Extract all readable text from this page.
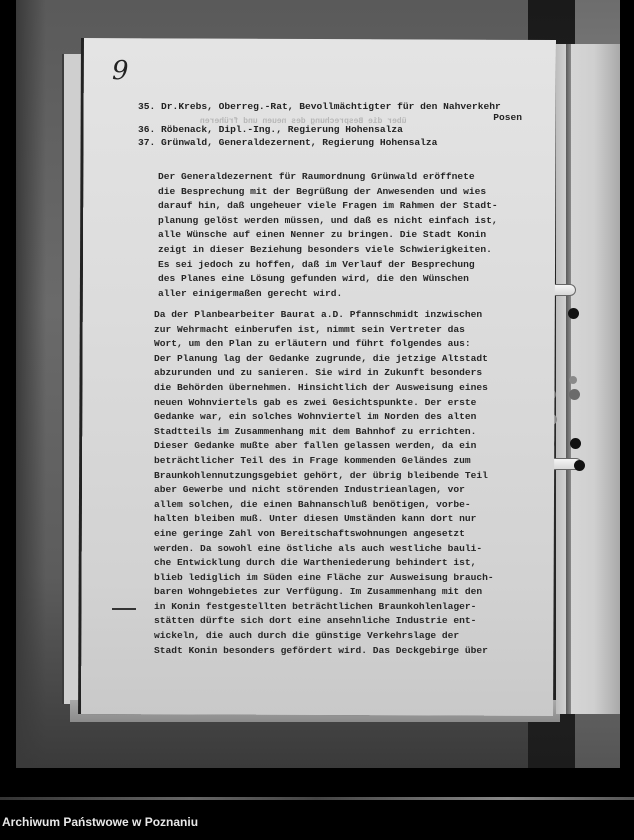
9
über die Besprechung des neuen und früheren
35. Dr.Krebs, Oberreg.-Rat, Bevollmächtigter für den Nahverkehr
Posen
36. Röbenack, Dipl.-Ing., Regierung Hohensalza
37. Grünwald, Generaldezernent, Regierung Hohensalza
Der Generaldezernent für Raumordnung Grünwald eröffnete
die Besprechung mit der Begrüßung der Anwesenden und wies
darauf hin, daß ungeheuer viele Fragen im Rahmen der Stadt-
planung gelöst werden müssen, und daß es nicht einfach ist,
alle Wünsche auf einen Nenner zu bringen. Die Stadt Konin
zeigt in dieser Beziehung besonders viele Schwierigkeiten.
Es sei jedoch zu hoffen, daß im Verlauf der Besprechung
des Planes eine Lösung gefunden wird, die den Wünschen
aller einigermaßen gerecht wird.
Da der Planbearbeiter Baurat a.D. Pfannschmidt inzwischen
zur Wehrmacht einberufen ist, nimmt sein Vertreter das
Wort, um den Plan zu erläutern und führt folgendes aus:
Der Planung lag der Gedanke zugrunde, die jetzige Altstadt
abzurunden und zu sanieren. Sie wird in Zukunft besonders
die Behörden übernehmen. Hinsichtlich der Ausweisung eines
neuen Wohnviertels gab es zwei Gesichtspunkte. Der erste
Gedanke war, ein solches Wohnviertel im Norden des alten
Stadtteils im Zusammenhang mit dem Bahnhof zu errichten.
Dieser Gedanke mußte aber fallen gelassen werden, da ein
beträchtlicher Teil des in Frage kommenden Geländes zum
Braunkohlennutzungsgebiet gehört, der übrig bleibende Teil
aber Gewerbe und nicht störenden Industrieanlagen, vor
allem solchen, die einen Bahnanschluß benötigen, vorbe-
halten bleiben muß. Unter diesen Umständen kann dort nur
eine geringe Zahl von Bereitschaftswohnungen angesetzt
werden. Da sowohl eine östliche als auch westliche bauli-
che Entwicklung durch die Wartheniederung behindert ist,
blieb lediglich im Süden eine Fläche zur Ausweisung brauch-
baren Wohngebietes zur Verfügung. Im Zusammenhang mit den
in Konin festgestellten beträchtlichen Braunkohlenlager-
stätten dürfte sich dort eine ansehnliche Industrie ent-
wickeln, die auch durch die günstige Verkehrslage der
Stadt Konin besonders gefördert wird. Das Deckgebirge über
Archiwum Państwowe w Poznaniu
